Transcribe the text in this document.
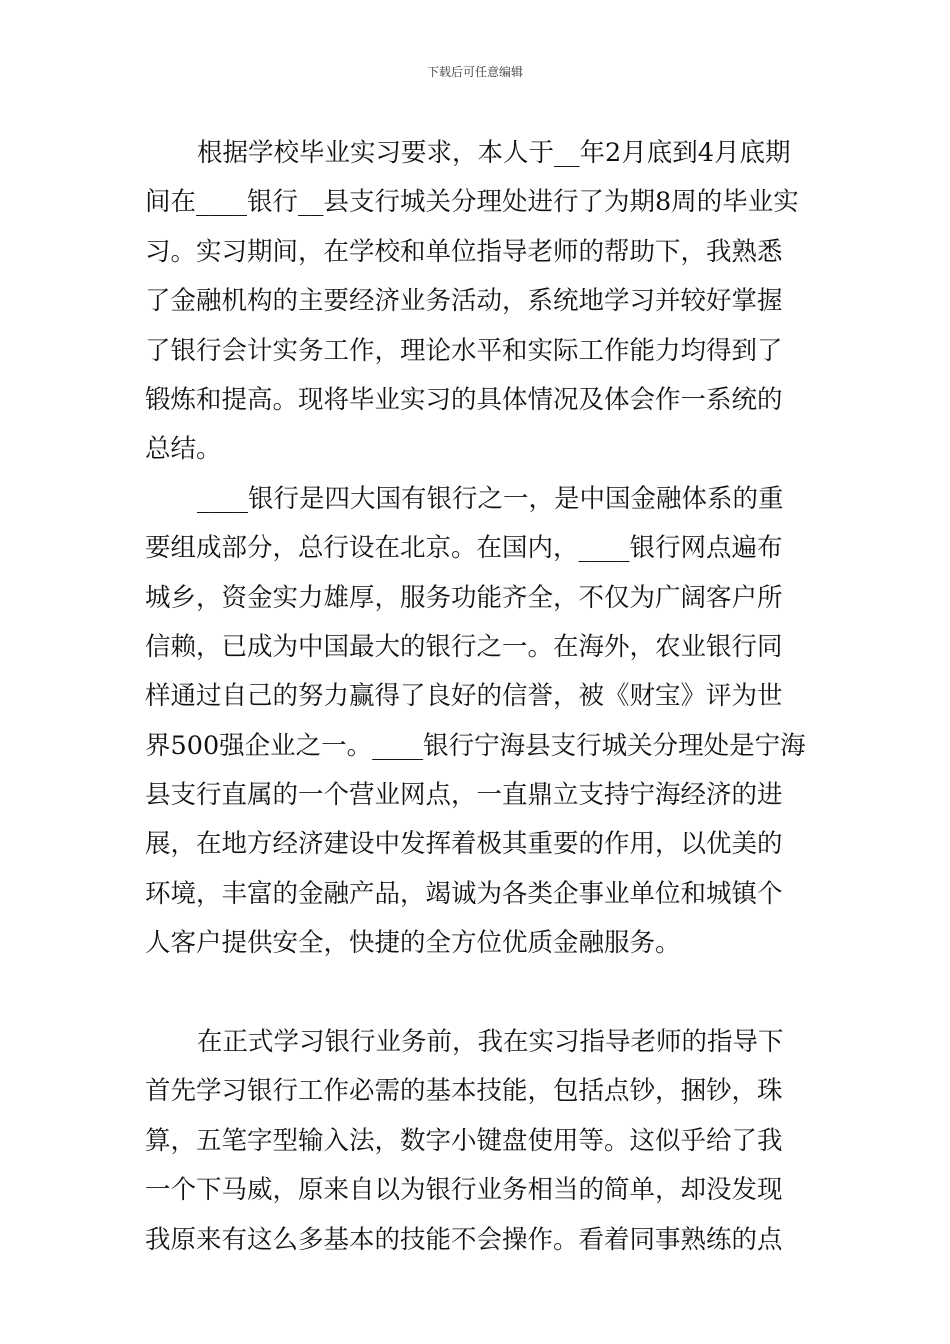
下载后可任意编辑

根据学校毕业实习要求，本人于__年2月底到4月底期
间在____银行__县支行城关分理处进行了为期8周的毕业实
习。实习期间，在学校和单位指导老师的帮助下，我熟悉
了金融机构的主要经济业务活动，系统地学习并较好掌握
了银行会计实务工作，理论水平和实际工作能力均得到了
锻炼和提高。现将毕业实习的具体情况及体会作一系统的
总结。

____银行是四大国有银行之一，是中国金融体系的重
要组成部分，总行设在北京。在国内，____银行网点遍布
城乡，资金实力雄厚，服务功能齐全，不仅为广阔客户所
信赖，已成为中国最大的银行之一。在海外，农业银行同
样通过自己的努力赢得了良好的信誉，被《财宝》评为世
界500强企业之一。____银行宁海县支行城关分理处是宁海
县支行直属的一个营业网点，一直鼎立支持宁海经济的进
展，在地方经济建设中发挥着极其重要的作用，以优美的
环境，丰富的金融产品，竭诚为各类企事业单位和城镇个
人客户提供安全，快捷的全方位优质金融服务。

在正式学习银行业务前，我在实习指导老师的指导下
首先学习银行工作必需的基本技能，包括点钞，捆钞，珠
算，五笔字型输入法，数字小键盘使用等。这似乎给了我
一个下马威，原来自以为银行业务相当的简单，却没发现
我原来有这么多基本的技能不会操作。看着同事熟练的点
